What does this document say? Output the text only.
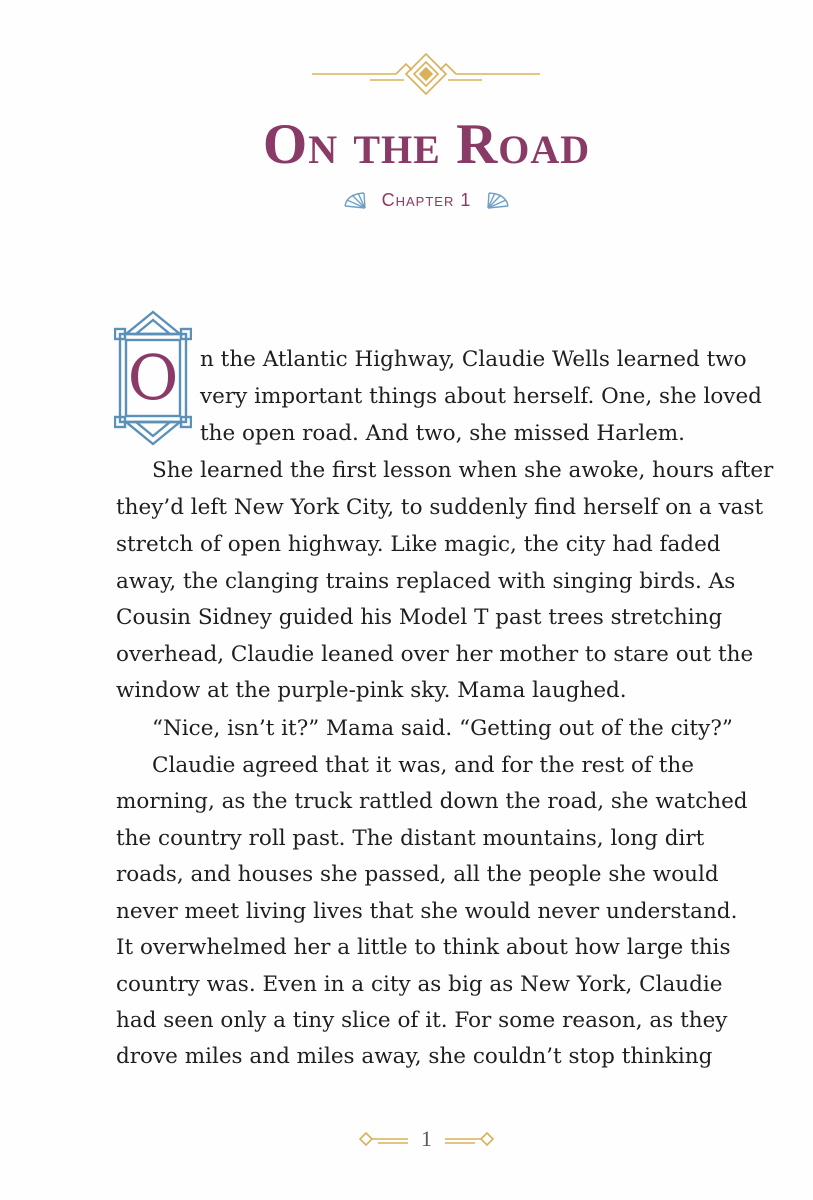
On the Road
Chapter 1
O	n the Atlantic Highway, Claudie Wells learned two
very important things about herself. One, she loved
the open road. And two, she missed Harlem.
She learned the first lesson when she awoke, hours after
they’d left New York City, to suddenly find herself on a vast
stretch of open highway. Like magic, the city had faded
away, the clanging trains replaced with singing birds. As
Cousin Sidney guided his Model T past trees stretching
overhead, Claudie leaned over her mother to stare out the
window at the purple-pink sky. Mama laughed.
“Nice, isn’t it?” Mama said. “Getting out of the city?”
Claudie agreed that it was, and for the rest of the
morning, as the truck rattled down the road, she watched
the country roll past. The distant mountains, long dirt
roads, and houses she passed, all the people she would
never meet living lives that she would never understand.
It overwhelmed her a little to think about how large this
country was. Even in a city as big as New York, Claudie
had seen only a tiny slice of it. For some reason, as they
drove miles and miles away, she couldn’t stop thinking
1
